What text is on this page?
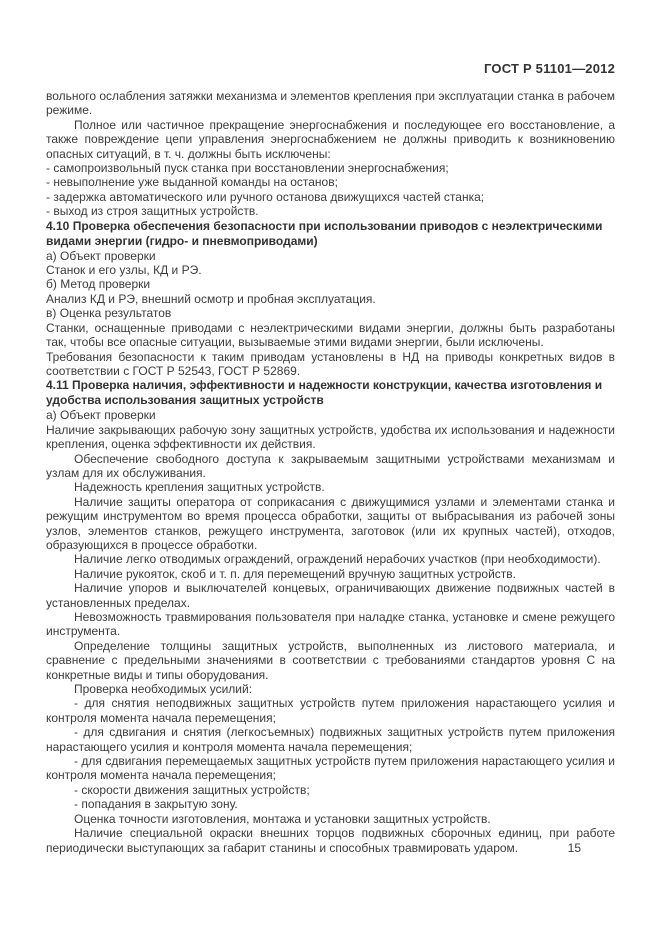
ГОСТ Р 51101—2012
вольного ослабления затяжки механизма и элементов крепления при эксплуатации станка в рабочем режиме.
Полное или частичное прекращение энергоснабжения и последующее его восстановление, а также повреждение цепи управления энергоснабжением не должны приводить к возникновению опасных ситуаций, в т. ч. должны быть исключены:
- самопроизвольный пуск станка при восстановлении энергоснабжения;
- невыполнение уже выданной команды на останов;
- задержка автоматического или ручного останова движущихся частей станка;
- выход из строя защитных устройств.
4.10 Проверка обеспечения безопасности при использовании приводов с неэлектрическими видами энергии (гидро- и пневмоприводами)
а) Объект проверки
Станок и его узлы, КД и РЭ.
б) Метод проверки
Анализ КД и РЭ, внешний осмотр и пробная эксплуатация.
в) Оценка результатов
Станки, оснащенные приводами с неэлектрическими видами энергии, должны быть разработаны так, чтобы все опасные ситуации, вызываемые этими видами энергии, были исключены.
Требования безопасности к таким приводам установлены в НД на приводы конкретных видов в соответствии с ГОСТ Р 52543, ГОСТ Р 52869.
4.11 Проверка наличия, эффективности и надежности конструкции, качества изготовления и удобства использования защитных устройств
а) Объект проверки
Наличие закрывающих рабочую зону защитных устройств, удобства их использования и надежности крепления, оценка эффективности их действия.
Обеспечение свободного доступа к закрываемым защитными устройствами механизмам и узлам для их обслуживания.
Надежность крепления защитных устройств.
Наличие защиты оператора от соприкасания с движущимися узлами и элементами станка и режущим инструментом во время процесса обработки, защиты от выбрасывания из рабочей зоны узлов, элементов станков, режущего инструмента, заготовок (или их крупных частей), отходов, образующихся в процессе обработки.
Наличие легко отводимых ограждений, ограждений нерабочих участков (при необходимости).
Наличие рукояток, скоб и т. п. для перемещений вручную защитных устройств.
Наличие упоров и выключателей концевых, ограничивающих движение подвижных частей в установленных пределах.
Невозможность травмирования пользователя при наладке станка, установке и смене режущего инструмента.
Определение толщины защитных устройств, выполненных из листового материала, и сравнение с предельными значениями в соответствии с требованиями стандартов уровня С на конкретные виды и типы оборудования.
Проверка необходимых усилий:
- для снятия неподвижных защитных устройств путем приложения нарастающего усилия и контроля момента начала перемещения;
- для сдвигания и снятия (легкосъемных) подвижных защитных устройств путем приложения нарастающего усилия и контроля момента начала перемещения;
- для сдвигания перемещаемых защитных устройств путем приложения нарастающего усилия и контроля момента начала перемещения;
- скорости движения защитных устройств;
- попадания в закрытую зону.
Оценка точности изготовления, монтажа и установки защитных устройств.
Наличие специальной окраски внешних торцов подвижных сборочных единиц, при работе периодически выступающих за габарит станины и способных травмировать ударом.	15
